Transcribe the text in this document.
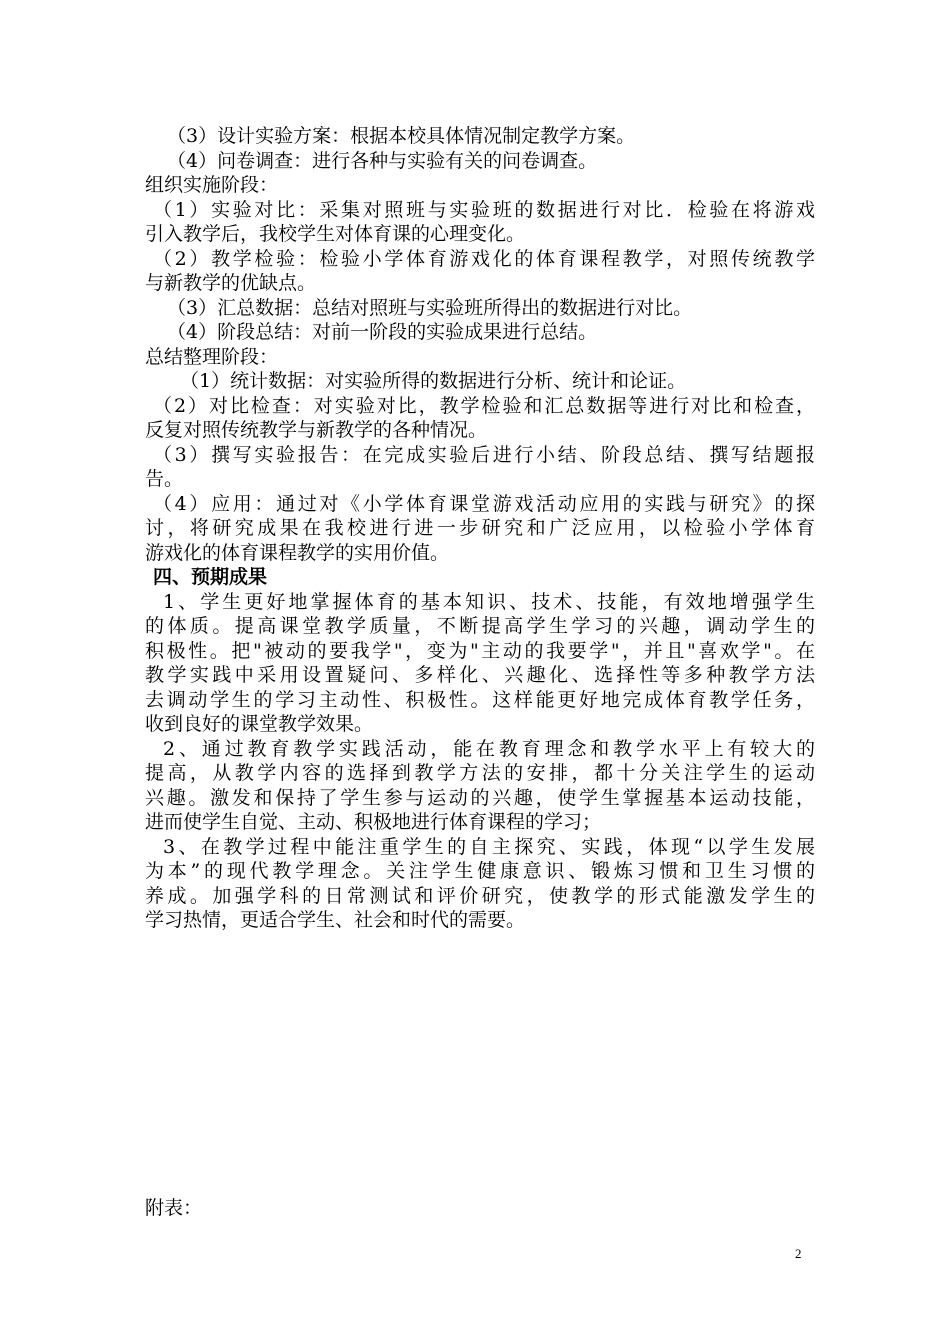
（3）设计实验方案：根据本校具体情况制定教学方案。
（4）问卷调查：进行各种与实验有关的问卷调查。
组织实施阶段：
（1）实验对比：采集对照班与实验班的数据进行对比．检验在将游戏
引入教学后，我校学生对体育课的心理变化。
（2）教学检验：检验小学体育游戏化的体育课程教学，对照传统教学
与新教学的优缺点。
（3）汇总数据：总结对照班与实验班所得出的数据进行对比。
（4）阶段总结：对前一阶段的实验成果进行总结。
总结整理阶段：
（1）统计数据：对实验所得的数据进行分析、统计和论证。
（2）对比检查：对实验对比，教学检验和汇总数据等进行对比和检查，
反复对照传统教学与新教学的各种情况。
（3）撰写实验报告：在完成实验后进行小结、阶段总结、撰写结题报
告。
（4）应用：通过对《小学体育课堂游戏活动应用的实践与研究》的探
讨，将研究成果在我校进行进一步研究和广泛应用，以检验小学体育
游戏化的体育课程教学的实用价值。
四、预期成果
1、学生更好地掌握体育的基本知识、技术、技能，有效地增强学生
的体质。提高课堂教学质量，不断提高学生学习的兴趣，调动学生的
积极性。把"被动的要我学"，变为"主动的我要学"，并且"喜欢学"。在
教学实践中采用设置疑问、多样化、兴趣化、选择性等多种教学方法
去调动学生的学习主动性、积极性。这样能更好地完成体育教学任务，
收到良好的课堂教学效果。
2、通过教育教学实践活动，能在教育理念和教学水平上有较大的
提高，从教学内容的选择到教学方法的安排，都十分关注学生的运动
兴趣。激发和保持了学生参与运动的兴趣，使学生掌握基本运动技能，
进而使学生自觉、主动、积极地进行体育课程的学习；
3、在教学过程中能注重学生的自主探究、实践，体现“以学生发展
为本”的现代教学理念。关注学生健康意识、锻炼习惯和卫生习惯的
养成。加强学科的日常测试和评价研究，使教学的形式能激发学生的
学习热情，更适合学生、社会和时代的需要。
附表：
2
